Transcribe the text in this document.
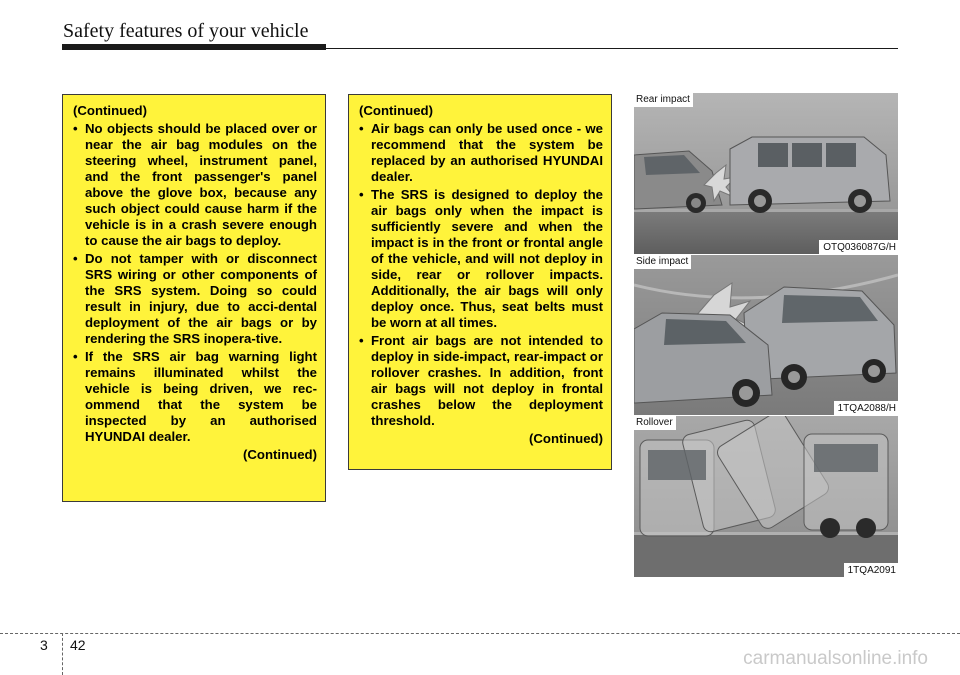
Safety features of your vehicle
(Continued)
• No objects should be placed over or near the air bag modules on the steering wheel, instrument panel, and the front passenger's panel above the glove box, because any such object could cause harm if the vehicle is in a crash severe enough to cause the air bags to deploy.
• Do not tamper with or disconnect SRS wiring or other components of the SRS system. Doing so could result in injury, due to acci-dental deployment of the air bags or by rendering the SRS inopera-tive.
• If the SRS air bag warning light remains illuminated whilst the vehicle is being driven, we rec-ommend that the system be inspected by an authorised HYUNDAI dealer.
(Continued)
(Continued)
• Air bags can only be used once - we recommend that the system be replaced by an authorised HYUNDAI dealer.
• The SRS is designed to deploy the air bags only when the impact is sufficiently severe and when the impact is in the front or frontal angle of the vehicle, and will not deploy in side, rear or rollover impacts. Additionally, the air bags will only deploy once. Thus, seat belts must be worn at all times.
• Front air bags are not intended to deploy in side-impact, rear-impact or rollover crashes. In addition, front air bags will not deploy in frontal crashes below the deployment threshold.
(Continued)
Rear impact
OTQ036087G/H
Side impact
1TQA2088/H
Rollover
1TQA2091
3 42
carmanualsonline.info
